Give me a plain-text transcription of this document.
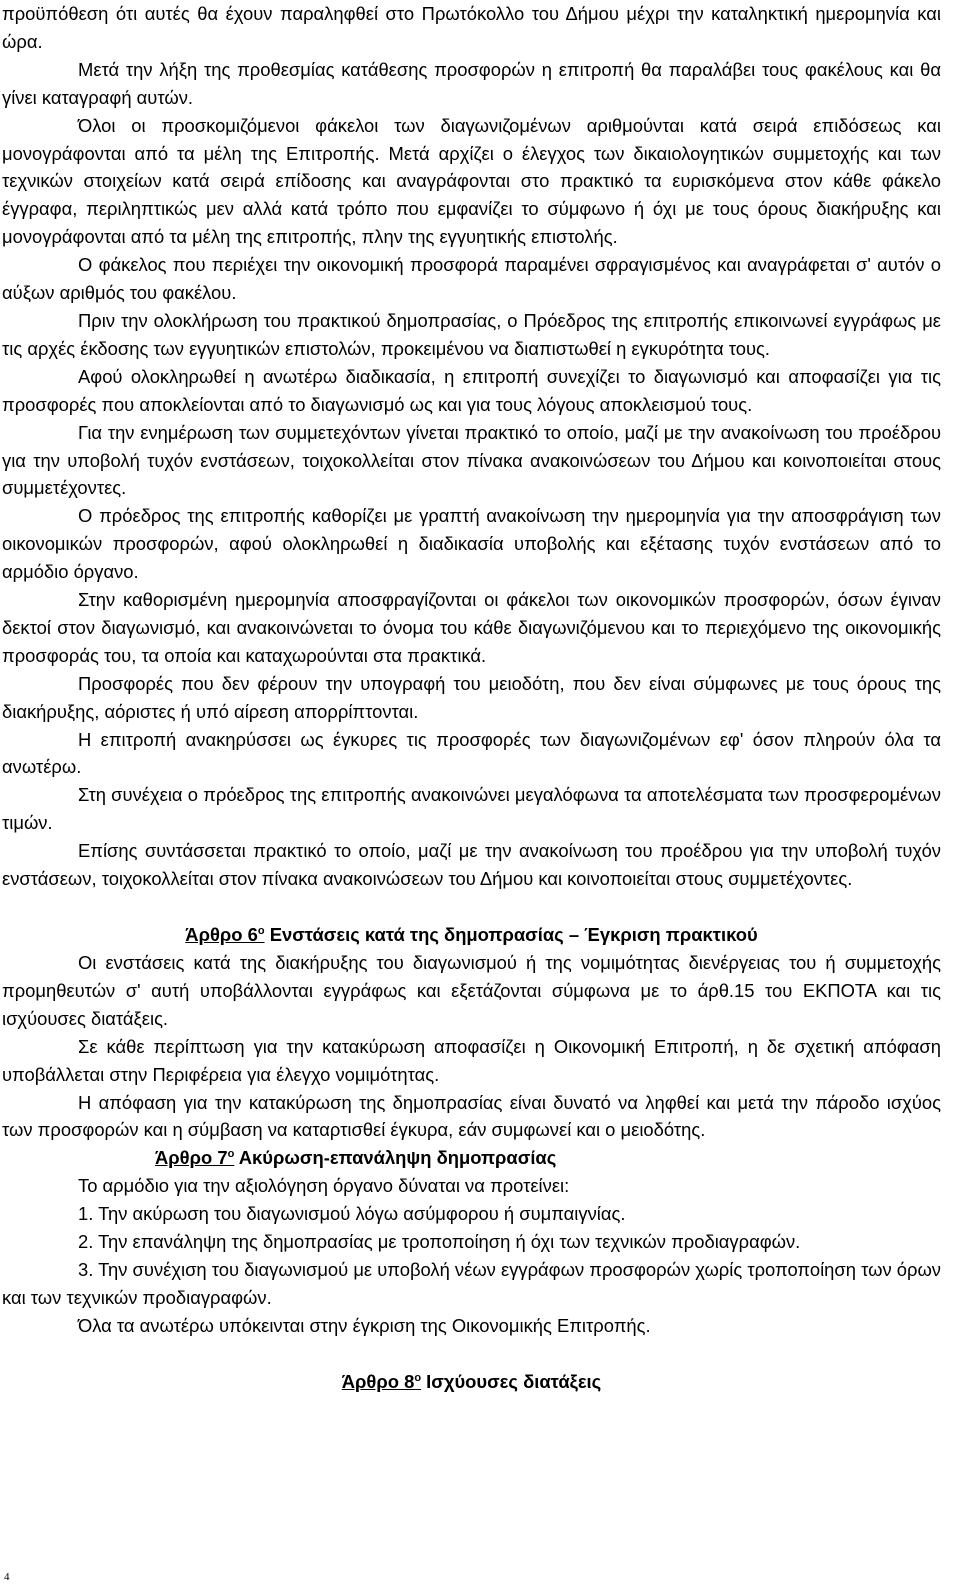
προϋπόθεση ότι αυτές θα έχουν παραληφθεί στο Πρωτόκολλο του Δήμου μέχρι την καταληκτική ημερομηνία και ώρα.

Μετά την λήξη της προθεσμίας κατάθεσης προσφορών η επιτροπή θα παραλάβει τους φακέλους και θα γίνει καταγραφή αυτών.

Όλοι οι προσκομιζόμενοι φάκελοι των διαγωνιζομένων αριθμούνται κατά σειρά επιδόσεως και μονογράφονται από τα μέλη της Επιτροπής. Μετά αρχίζει ο έλεγχος των δικαιολογητικών συμμετοχής και των τεχνικών στοιχείων κατά σειρά επίδοσης και αναγράφονται στο πρακτικό τα ευρισκόμενα στον κάθε φάκελο έγγραφα, περιληπτικώς μεν αλλά κατά τρόπο που εμφανίζει το σύμφωνο ή όχι με τους όρους διακήρυξης και μονογράφονται από τα μέλη της επιτροπής, πλην της εγγυητικής επιστολής.

Ο φάκελος που περιέχει την οικονομική προσφορά παραμένει σφραγισμένος και αναγράφεται σ' αυτόν ο αύξων αριθμός του φακέλου.

Πριν την ολοκλήρωση του πρακτικού δημοπρασίας, ο Πρόεδρος της επιτροπής επικοινωνεί εγγράφως με τις αρχές έκδοσης των εγγυητικών επιστολών, προκειμένου να διαπιστωθεί η εγκυρότητα τους.

Αφού ολοκληρωθεί η ανωτέρω διαδικασία, η επιτροπή συνεχίζει το διαγωνισμό και αποφασίζει για τις προσφορές που αποκλείονται από το διαγωνισμό ως και για τους λόγους αποκλεισμού τους.

Για την ενημέρωση των συμμετεχόντων γίνεται πρακτικό το οποίο, μαζί με την ανακοίνωση του προέδρου για την υποβολή τυχόν ενστάσεων, τοιχοκολλείται στον πίνακα ανακοινώσεων του Δήμου και κοινοποιείται στους συμμετέχοντες.

Ο πρόεδρος της επιτροπής καθορίζει με γραπτή ανακοίνωση την ημερομηνία για την αποσφράγιση των οικονομικών προσφορών, αφού ολοκληρωθεί η διαδικασία υποβολής και εξέτασης τυχόν ενστάσεων από το αρμόδιο όργανο.

Στην καθορισμένη ημερομηνία αποσφραγίζονται οι φάκελοι των οικονομικών προσφορών, όσων έγιναν δεκτοί στον διαγωνισμό, και ανακοινώνεται το όνομα του κάθε διαγωνιζόμενου και το περιεχόμενο της οικονομικής προσφοράς του, τα οποία και καταχωρούνται στα πρακτικά.

Προσφορές που δεν φέρουν την υπογραφή του μειοδότη, που δεν είναι σύμφωνες με τους όρους της διακήρυξης, αόριστες ή υπό αίρεση απορρίπτονται.

Η επιτροπή ανακηρύσσει ως έγκυρες τις προσφορές των διαγωνιζομένων εφ' όσον πληρούν όλα τα ανωτέρω.

Στη συνέχεια ο πρόεδρος της επιτροπής ανακοινώνει μεγαλόφωνα τα αποτελέσματα των προσφερομένων τιμών.

Επίσης συντάσσεται πρακτικό το οποίο, μαζί με την ανακοίνωση του προέδρου για την υποβολή τυχόν ενστάσεων, τοιχοκολλείται στον πίνακα ανακοινώσεων του Δήμου και κοινοποιείται στους συμμετέχοντες.

Άρθρο $6^o$ Ενστάσεις κατά της δημοπρασίας – Έγκριση πρακτικού

Οι ενστάσεις κατά της διακήρυξης του διαγωνισμού ή της νομιμότητας διενέργειας του ή συμμετοχής προμηθευτών σ' αυτή υποβάλλονται εγγράφως και εξετάζονται σύμφωνα με το άρθ.15 του ΕΚΠΟΤΑ και τις ισχύουσες διατάξεις.

Σε κάθε περίπτωση για την κατακύρωση αποφασίζει η Οικονομική Επιτροπή, η δε σχετική απόφαση υποβάλλεται στην Περιφέρεια για έλεγχο νομιμότητας.

Η απόφαση για την κατακύρωση της δημοπρασίας είναι δυνατό να ληφθεί και μετά την πάροδο ισχύος των προσφορών και η σύμβαση να καταρτισθεί έγκυρα, εάν συμφωνεί και ο μειοδότης.

Άρθρο $7^o$ Ακύρωση-επανάληψη δημοπρασίας

Το αρμόδιο για την αξιολόγηση όργανο δύναται να προτείνει:

1. Την ακύρωση του διαγωνισμού λόγω ασύμφορου ή συμπαιγνίας.

2. Την επανάληψη της δημοπρασίας με τροποποίηση ή όχι των τεχνικών προδιαγραφών.

3. Την συνέχιση του διαγωνισμού με υποβολή νέων εγγράφων προσφορών χωρίς τροποποίηση των όρων και των τεχνικών προδιαγραφών.

Όλα τα ανωτέρω υπόκεινται στην έγκριση της Οικονομικής Επιτροπής.

Άρθρο $8^o$ Ισχύουσες διατάξεις
4
